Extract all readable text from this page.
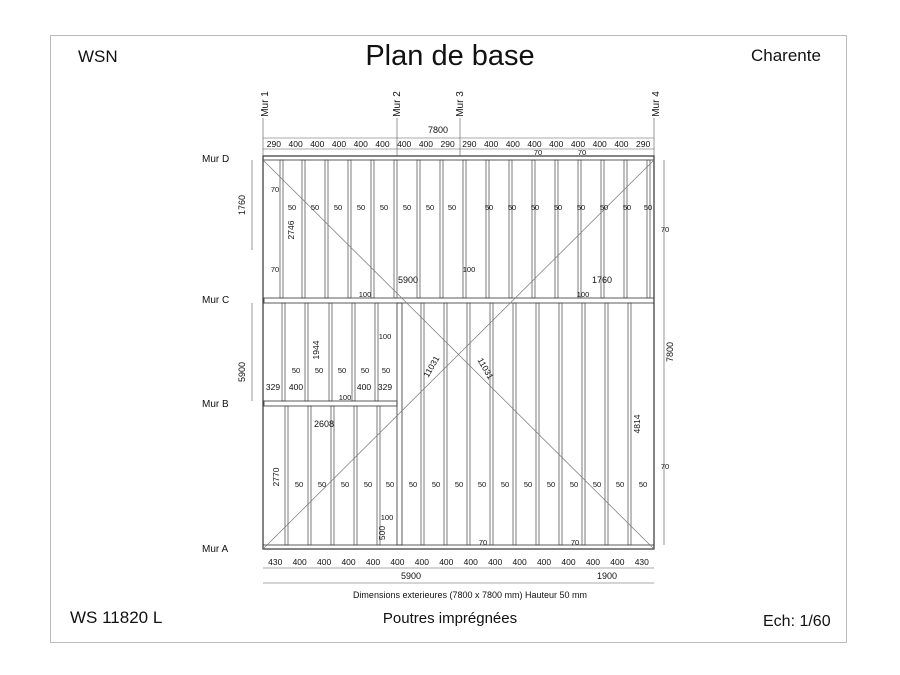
WSN	Plan de base	Charente
Dimensions exterieures (7800 x 7800 mm) Hauteur 50 mm
WS 11820 L	Poutres imprégnées	Ech: 1/60
Mur 1	Mur 2	Mur 3	Mur 4
Mur D
Mur C
Mur B
Mur A
290 400 400 400 400 400 400 400 290 290 400 400 400 400 400 400 400 290
7800
430 400 400 400 400 400 400 400 400 400 400 400 400 400 400 430
5900	1900
1760
5900
7800
50 50 50 50 50 50 50 50	50 50 50 50 50 50 50 50
50 50 50 50 50
50 50 50 50 50 50 50 50 50 50 50 50 50 50 50 50
2746
1944
2770
4814
500
11031	11031
5900	1760
2608
329 400	400 329
70
70
70	70
70
70
70	70
100
100	100
100
100
100
